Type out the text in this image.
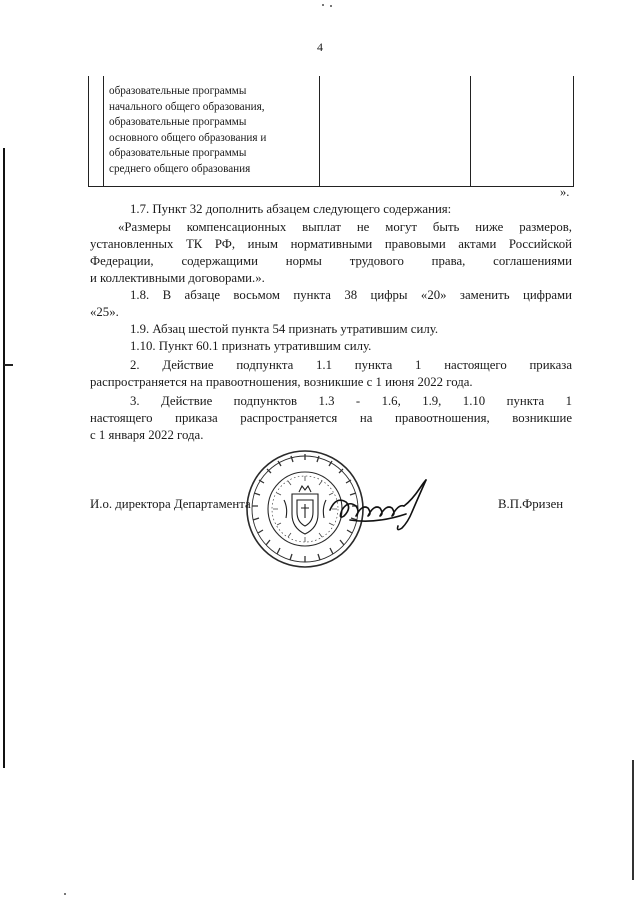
4
образовательные программы
начального общего образования,
образовательные программы
основного общего образования и
образовательные программы
среднего общего образования
».
1.7. Пункт 32 дополнить абзацем следующего содержания:
«Размеры компенсационных выплат не могут быть ниже размеров,
установленных ТК РФ, иным нормативными правовыми актами Российской
Федерации, содержащими нормы трудового права, соглашениями
и коллективными договорами.».
1.8. В абзаце восьмом пункта 38 цифры «20» заменить цифрами
«25».
1.9. Абзац шестой пункта 54 признать утратившим силу.
1.10. Пункт 60.1 признать утратившим силу.
2. Действие подпункта 1.1 пункта 1 настоящего приказа
распространяется на правоотношения, возникшие с 1 июня 2022 года.
3. Действие подпунктов 1.3 - 1.6, 1.9, 1.10 пункта 1
настоящего приказа распространяется на правоотношения, возникшие
с 1 января 2022 года.
И.о. директора Департамента	В.П.Фризен
